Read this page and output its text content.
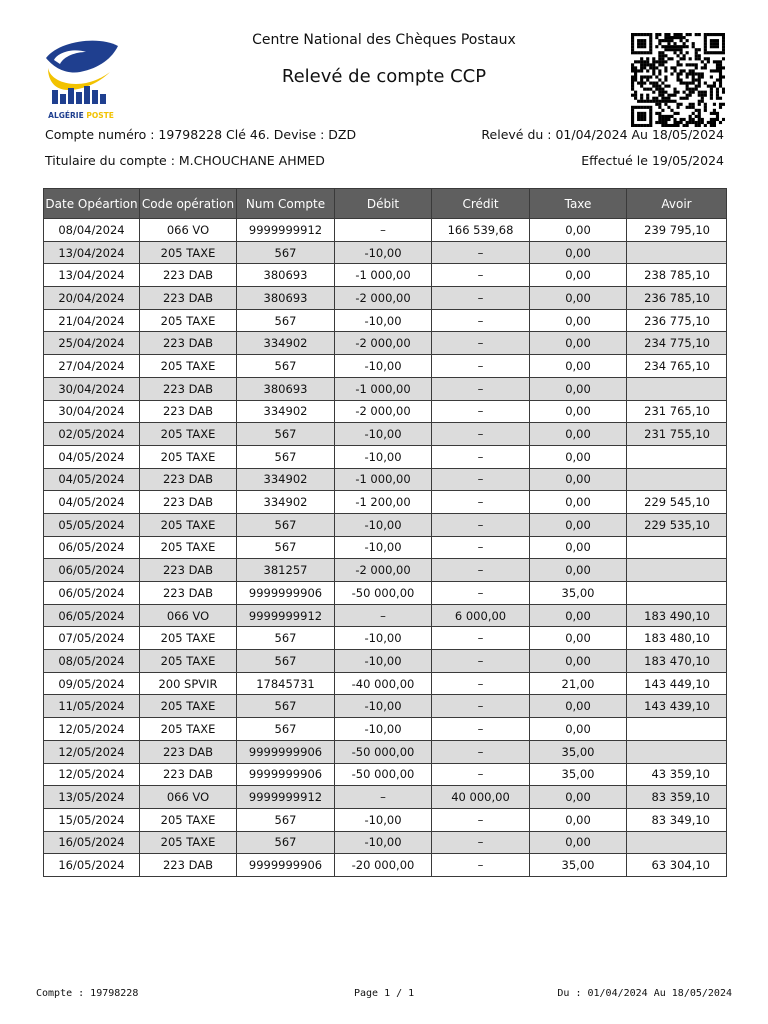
ALGÉRIE POSTE
Centre National des Chèques Postaux
Relevé de compte CCP
Compte numéro : 19798228 Clé 46. Devise : DZD	Relevé du : 01/04/2024 Au 18/05/2024
Titulaire du compte : M.CHOUCHANE AHMED	Effectué le 19/05/2024
Date Opéartion	Code opération	Num Compte	Débit	Crédit	Taxe	Avoir
08/04/2024	066 VO	9999999912	–	166 539,68	0,00	239 795,10
13/04/2024	205 TAXE	567	-10,00	–	0,00	
13/04/2024	223 DAB	380693	-1 000,00	–	0,00	238 785,10
20/04/2024	223 DAB	380693	-2 000,00	–	0,00	236 785,10
21/04/2024	205 TAXE	567	-10,00	–	0,00	236 775,10
25/04/2024	223 DAB	334902	-2 000,00	–	0,00	234 775,10
27/04/2024	205 TAXE	567	-10,00	–	0,00	234 765,10
30/04/2024	223 DAB	380693	-1 000,00	–	0,00	
30/04/2024	223 DAB	334902	-2 000,00	–	0,00	231 765,10
02/05/2024	205 TAXE	567	-10,00	–	0,00	231 755,10
04/05/2024	205 TAXE	567	-10,00	–	0,00	
04/05/2024	223 DAB	334902	-1 000,00	–	0,00	
04/05/2024	223 DAB	334902	-1 200,00	–	0,00	229 545,10
05/05/2024	205 TAXE	567	-10,00	–	0,00	229 535,10
06/05/2024	205 TAXE	567	-10,00	–	0,00	
06/05/2024	223 DAB	381257	-2 000,00	–	0,00	
06/05/2024	223 DAB	9999999906	-50 000,00	–	35,00	
06/05/2024	066 VO	9999999912	–	6 000,00	0,00	183 490,10
07/05/2024	205 TAXE	567	-10,00	–	0,00	183 480,10
08/05/2024	205 TAXE	567	-10,00	–	0,00	183 470,10
09/05/2024	200 SPVIR	17845731	-40 000,00	–	21,00	143 449,10
11/05/2024	205 TAXE	567	-10,00	–	0,00	143 439,10
12/05/2024	205 TAXE	567	-10,00	–	0,00	
12/05/2024	223 DAB	9999999906	-50 000,00	–	35,00	
12/05/2024	223 DAB	9999999906	-50 000,00	–	35,00	43 359,10
13/05/2024	066 VO	9999999912	–	40 000,00	0,00	83 359,10
15/05/2024	205 TAXE	567	-10,00	–	0,00	83 349,10
16/05/2024	205 TAXE	567	-10,00	–	0,00	
16/05/2024	223 DAB	9999999906	-20 000,00	–	35,00	63 304,10
Compte : 19798228	Page 1 / 1	Du : 01/04/2024 Au 18/05/2024
